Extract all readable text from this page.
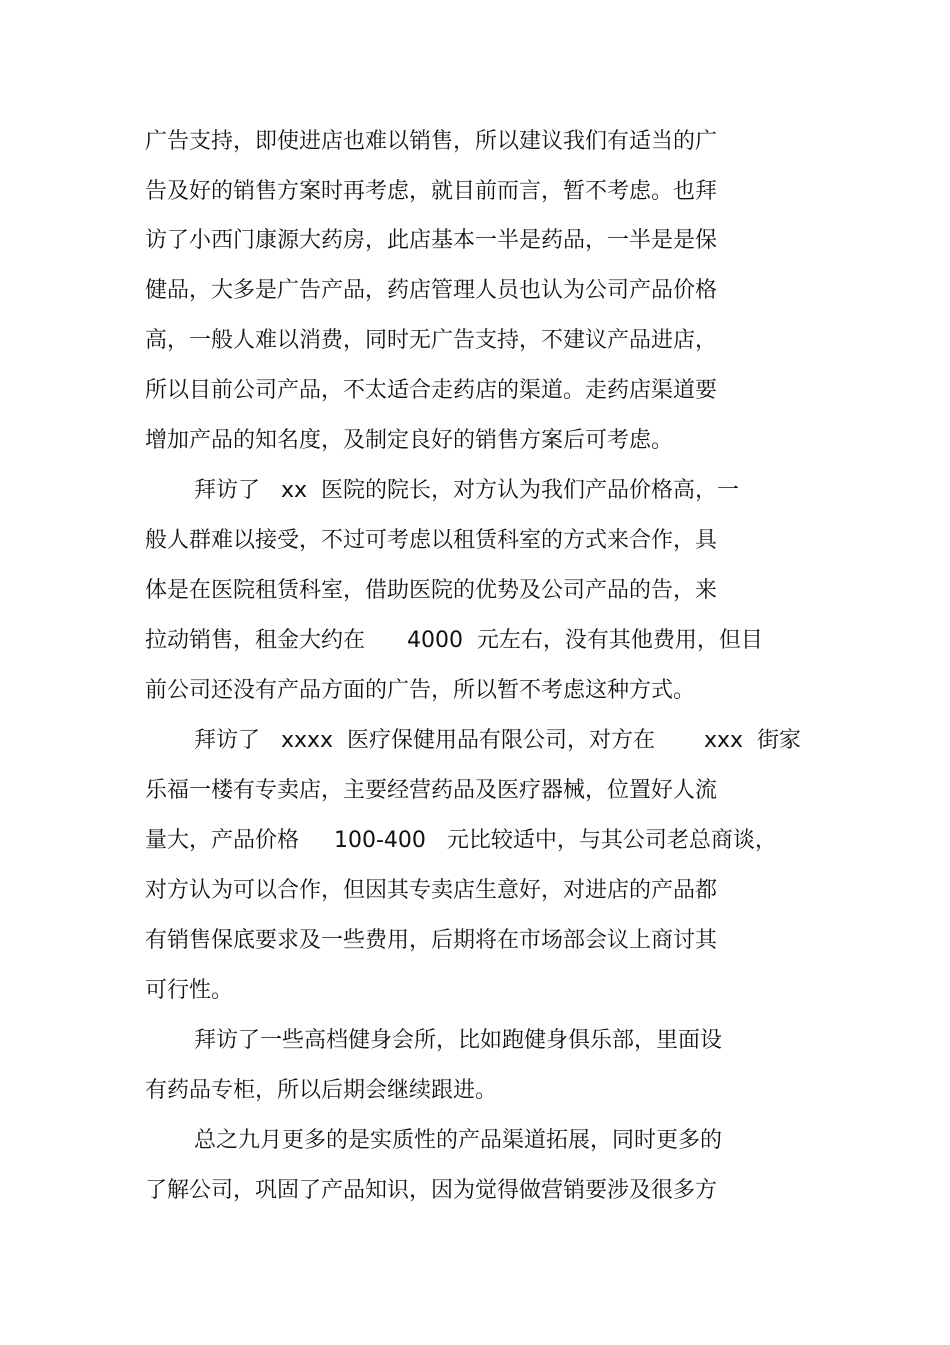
广告支持，即使进店也难以销售，所以建议我们有适当的广

告及好的销售方案时再考虑，就目前而言，暂不考虑。也拜

访了小西门康源大药房，此店基本一半是药品，一半是是保

健品，大多是广告产品，药店管理人员也认为公司产品价格

高，一般人难以消费，同时无广告支持，不建议产品进店，

所以目前公司产品，不太适合走药店的渠道。走药店渠道要

增加产品的知名度，及制定良好的销售方案后可考虑。

拜访了   xx  医院的院长，对方认为我们产品价格高，一

般人群难以接受，不过可考虑以租赁科室的方式来合作，具

体是在医院租赁科室，借助医院的优势及公司产品的告，来

拉动销售，租金大约在      4000  元左右，没有其他费用，但目

前公司还没有产品方面的广告，所以暂不考虑这种方式。

拜访了   xxxx  医疗保健用品有限公司，对方在       xxx  街家

乐福一楼有专卖店，主要经营药品及医疗器械，位置好人流

量大，产品价格     100-400   元比较适中，与其公司老总商谈，

对方认为可以合作，但因其专卖店生意好，对进店的产品都

有销售保底要求及一些费用，后期将在市场部会议上商讨其

可行性。

拜访了一些高档健身会所，比如跑健身俱乐部，里面设

有药品专柜，所以后期会继续跟进。

总之九月更多的是实质性的产品渠道拓展，同时更多的

了解公司，巩固了产品知识，因为觉得做营销要涉及很多方
